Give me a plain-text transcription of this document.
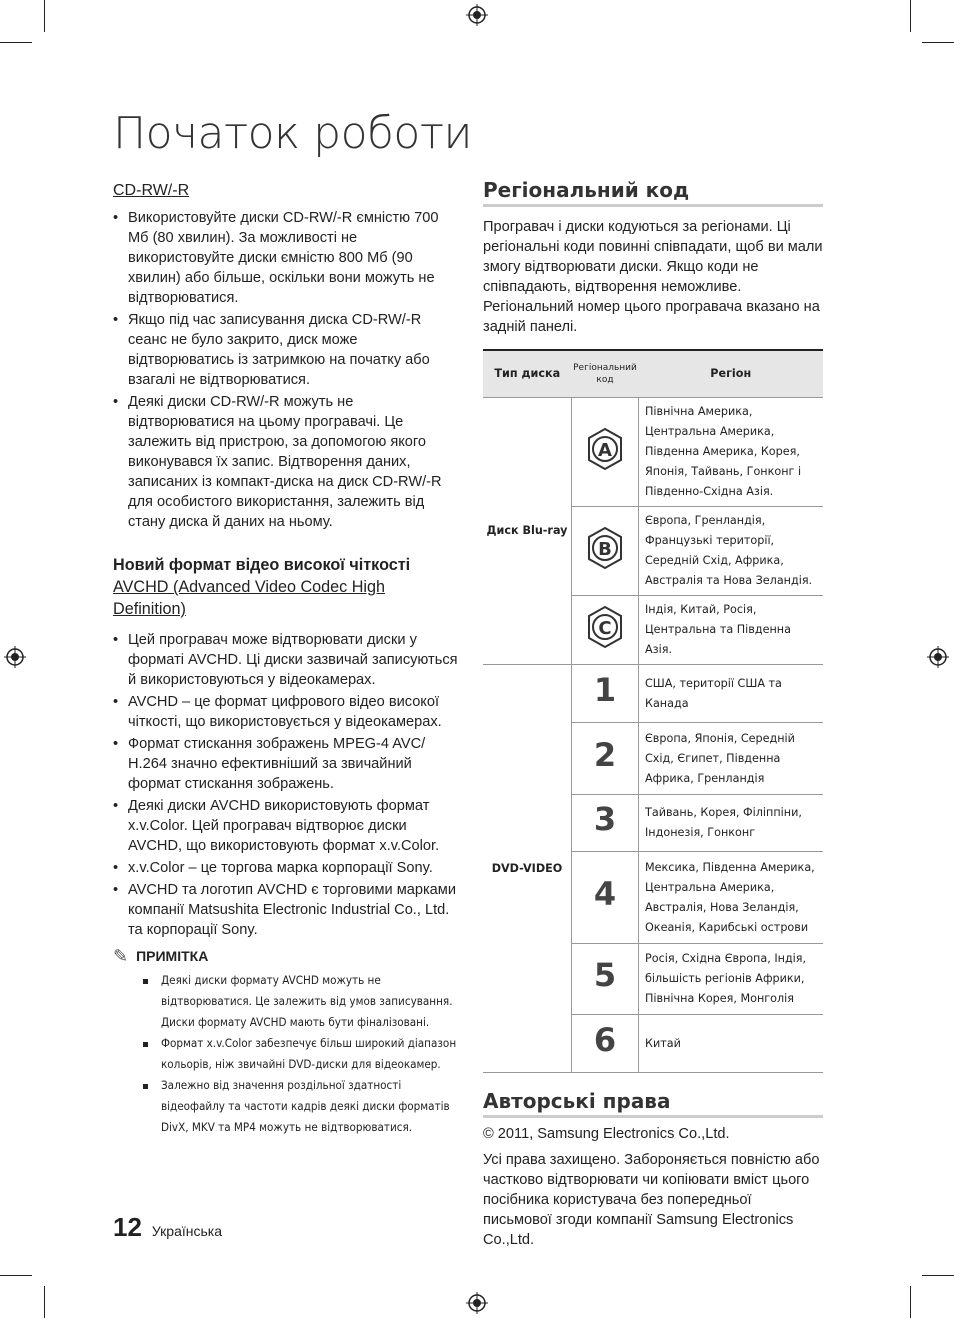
Початок роботи
CD-RW/-R
• Використовуйте диски CD-RW/-R ємністю 700 Мб (80 хвилин). За можливості не використовуйте диски ємністю 800 Мб (90 хвилин) або більше, оскільки вони можуть не відтворюватися.
• Якщо під час записування диска CD-RW/-R сеанс не було закрито, диск може відтворюватись із затримкою на початку або взагалі не відтворюватися.
• Деякі диски CD-RW/-R можуть не відтворюватися на цьому програвачі. Це залежить від пристрою, за допомогою якого виконувався їх запис. Відтворення даних, записаних із компакт-диска на диск CD-RW/-R для особистого використання, залежить від стану диска й даних на ньому.
Новий формат відео високої чіткості
AVCHD (Advanced Video Codec High Definition)
• Цей програвач може відтворювати диски у форматі AVCHD. Ці диски зазвичай записуються й використовуються у відеокамерах.
• AVCHD – це формат цифрового відео високої чіткості, що використовується у відеокамерах.
• Формат стискання зображень MPEG-4 AVC/ H.264 значно ефективніший за звичайний формат стискання зображень.
• Деякі диски AVCHD використовують формат x.v.Color. Цей програвач відтворює диски AVCHD, що використовують формат x.v.Color.
• x.v.Color – це торгова марка корпорації Sony.
• AVCHD та логотип AVCHD є торговими марками компанії Matsushita Electronic Industrial Co., Ltd. та корпорації Sony.
✎ ПРИМІТКА
Деякі диски формату AVCHD можуть не відтворюватися. Це залежить від умов записування. Диски формату AVCHD мають бути фіналізовані.
Формат x.v.Color забезпечує більш широкий діапазон кольорів, ніж звичайні DVD-диски для відеокамер.
Залежно від значення роздільної здатності відеофайлу та частоти кадрів деякі диски форматів DivX, MKV та MP4 можуть не відтворюватися.
Регіональний код

Програвач і диски кодуються за регіонами. Ці регіональні коди повинні співпадати, щоб ви мали змогу відтворювати диски. Якщо коди не співпадають, відтворення неможливе. Регіональний номер цього програвача вказано на задній панелі.

Тип диска	Регіональний код	Регіон
Диск Blu-ray	A	Північна Америка, Центральна Америка, Південна Америка, Корея, Японія, Тайвань, Гонконг і Південно-Східна Азія.

B	Європа, Гренландія, Французькі території, Середній Схід, Африка, Австралія та Нова Зеландія.

C	Індія, Китай, Росія, Центральна та Південна Азія.
DVD-VIDEO	1	США, території США та Канада
	2	Європа, Японія, Середній Схід, Єгипет, Південна Африка, Гренландія
	3	Тайвань, Корея, Філіппіни, Індонезія, Гонконг
	4	Мексика, Південна Америка, Центральна Америка, Австралія, Нова Зеландія, Океанія, Карибські острови
	5	Росія, Східна Європа, Індія, більшість регіонів Африки, Північна Корея, Монголія
	6	Китай
Авторські права

© 2011, Samsung Electronics Co.,Ltd.

Усі права захищено. Забороняється повністю або частково відтворювати чи копіювати вміст цього посібника користувача без попередньої письмової згоди компанії Samsung Electronics Co.,Ltd.

12 Українська
